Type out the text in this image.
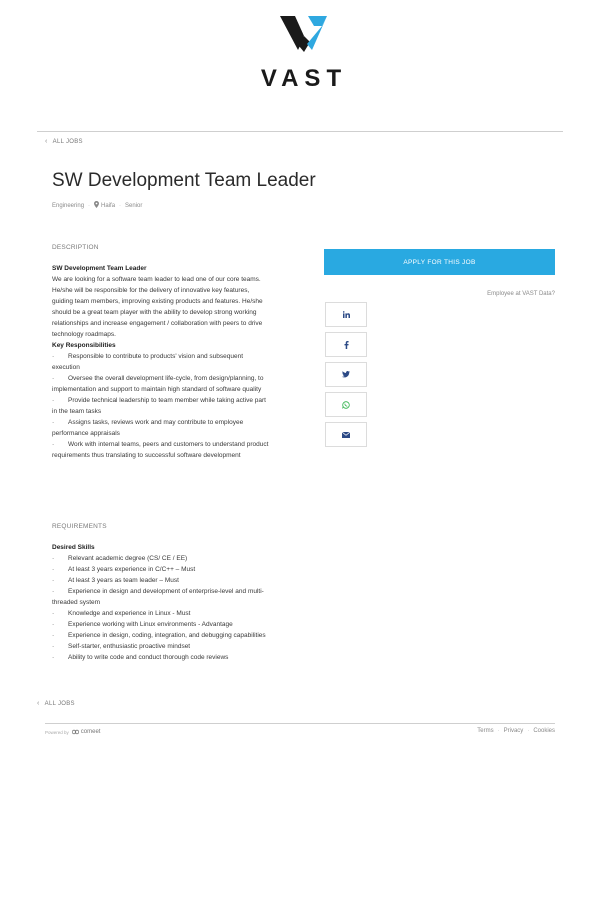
VAST
‹ ALL JOBS
SW Development Team Leader
Engineering · Haifa · Senior
DESCRIPTION
SW Development Team Leader
We are looking for a software team leader to lead one of our core teams. He/she will be responsible for the delivery of innovative key features, guiding team members, improving existing products and features. He/she should be a great team player with the ability to develop strong working relationships and increase engagement / collaboration with peers to drive technology roadmaps.
Key Responsibilities
· Responsible to contribute to products' vision and subsequent execution
· Oversee the overall development life-cycle, from design/planning, to implementation and support to maintain high standard of software quality
· Provide technical leadership to team member while taking active part in the team tasks
· Assigns tasks, reviews work and may contribute to employee performance appraisals
· Work with internal teams, peers and customers to understand product requirements thus translating to successful software development
REQUIREMENTS
Desired Skills
· Relevant academic degree (CS/ CE / EE)
· At least 3 years experience in C/C++ – Must
· At least 3 years as team leader – Must
· Experience in design and development of enterprise-level and multi-threaded system
· Knowledge and experience in Linux - Must
· Experience working with Linux environments - Advantage
· Experience in design, coding, integration, and debugging capabilities
· Self-starter, enthusiastic proactive mindset
· Ability to write code and conduct thorough code reviews
APPLY FOR THIS JOB
Employee at VAST Data?
‹ ALL JOBS
Powered by comeet	Terms · Privacy · Cookies
